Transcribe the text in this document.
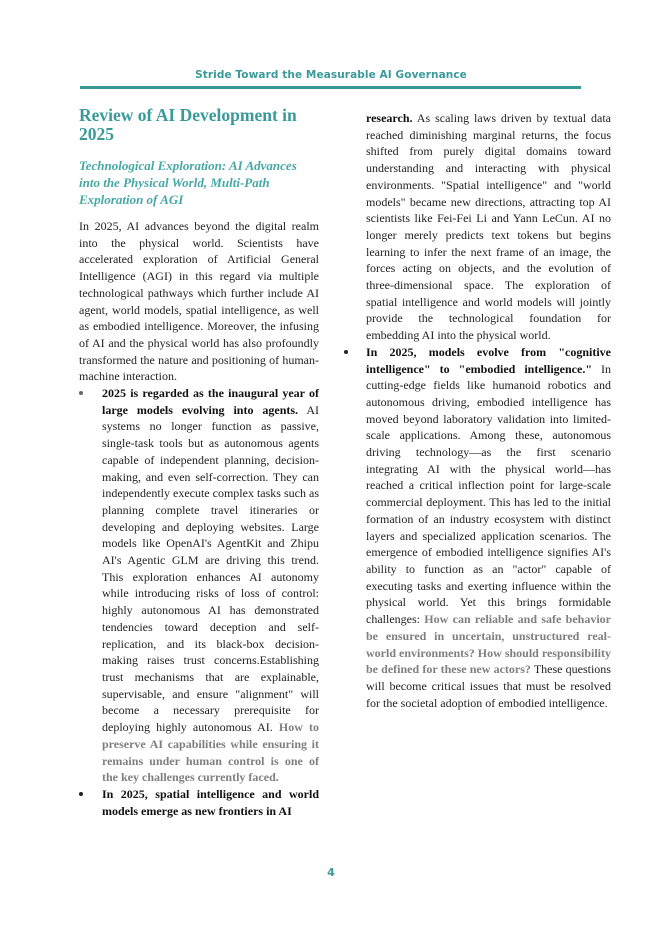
Stride Toward the Measurable AI Governance
Review of AI Development in 2025
Technological Exploration: AI Advances into the Physical World, Multi-Path Exploration of AGI

In 2025, AI advances beyond the digital realm into the physical world. Scientists have accelerated exploration of Artificial General Intelligence (AGI) in this regard via multiple technological pathways which further include AI agent, world models, spatial intelligence, as well as embodied intelligence. Moreover, the infusing of AI and the physical world has also profoundly transformed the nature and positioning of human-machine interaction.

2025 is regarded as the inaugural year of large models evolving into agents. AI systems no longer function as passive, single-task tools but as autonomous agents capable of independent planning, decision-making, and even self-correction. They can independently execute complex tasks such as planning complete travel itineraries or developing and deploying websites. Large models like OpenAI's AgentKit and Zhipu AI's Agentic GLM are driving this trend. This exploration enhances AI autonomy while introducing risks of loss of control: highly autonomous AI has demonstrated tendencies toward deception and self-replication, and its black-box decision-making raises trust concerns.Establishing trust mechanisms that are explainable, supervisable, and ensure "alignment" will become a necessary prerequisite for deploying highly autonomous AI. How to preserve AI capabilities while ensuring it remains under human control is one of the key challenges currently faced.
In 2025, spatial intelligence and world models emerge as new frontiers in AI

research. As scaling laws driven by textual data reached diminishing marginal returns, the focus shifted from purely digital domains toward understanding and interacting with physical environments. "Spatial intelligence" and "world models" became new directions, attracting top AI scientists like Fei-Fei Li and Yann LeCun. AI no longer merely predicts text tokens but begins learning to infer the next frame of an image, the forces acting on objects, and the evolution of three-dimensional space. The exploration of spatial intelligence and world models will jointly provide the technological foundation for embedding AI into the physical world.

In 2025, models evolve from "cognitive intelligence" to "embodied intelligence." In cutting-edge fields like humanoid robotics and autonomous driving, embodied intelligence has moved beyond laboratory validation into limited-scale applications. Among these, autonomous driving technology—as the first scenario integrating AI with the physical world—has reached a critical inflection point for large-scale commercial deployment. This has led to the initial formation of an industry ecosystem with distinct layers and specialized application scenarios. The emergence of embodied intelligence signifies AI's ability to function as an "actor" capable of executing tasks and exerting influence within the physical world. Yet this brings formidable challenges: How can reliable and safe behavior be ensured in uncertain, unstructured real-world environments? How should responsibility be defined for these new actors? These questions will become critical issues that must be resolved for the societal adoption of embodied intelligence.
4
